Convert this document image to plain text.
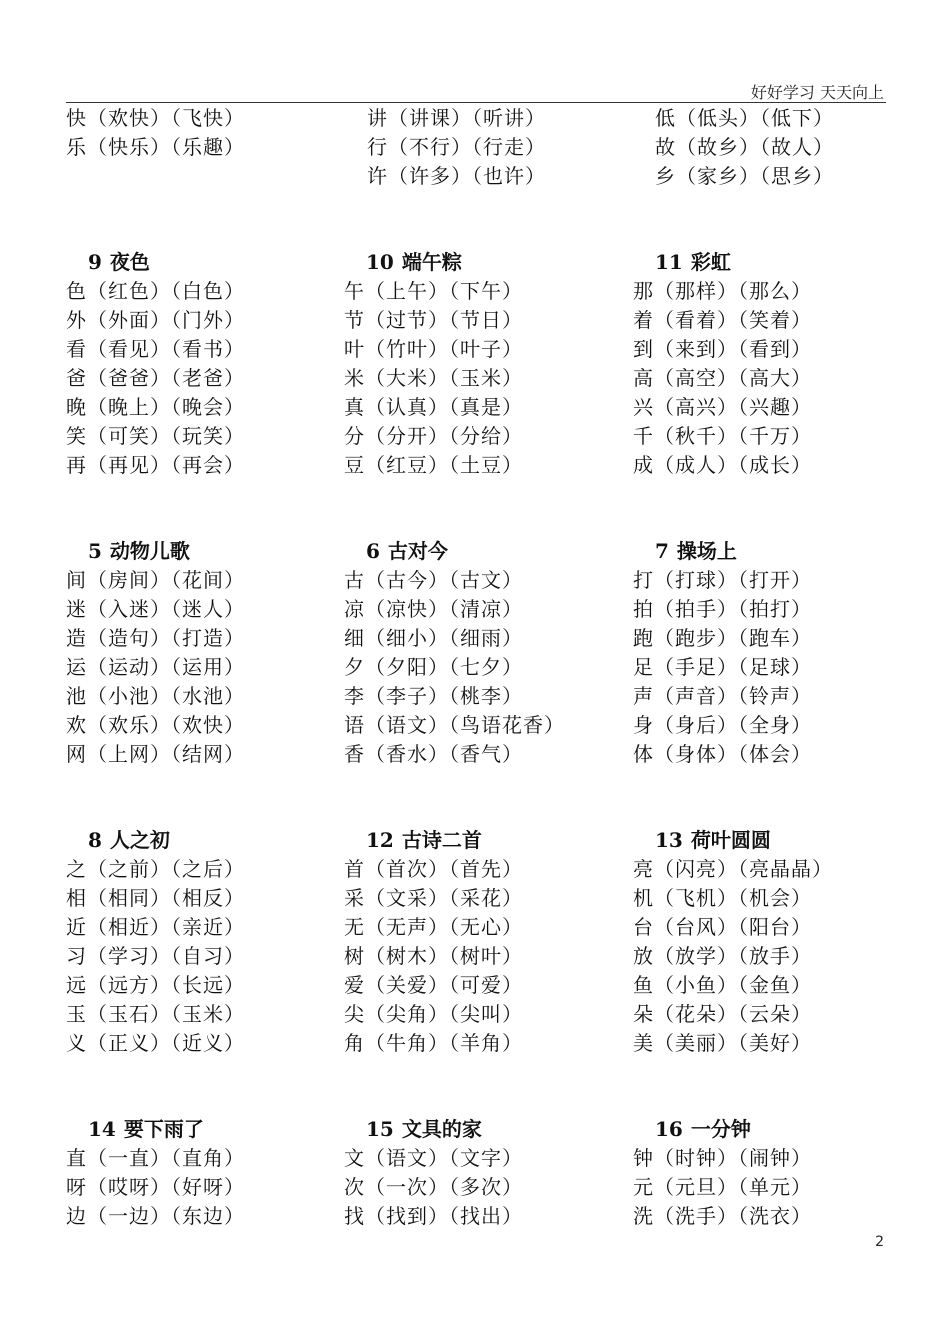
好好学习 天天向上
快（欢快）（飞快）
乐（快乐）（乐趣）
讲（讲课）（听讲）
行（不行）（行走）
许（许多）（也许）
低（低头）（低下）
故（故乡）（故人）
乡（家乡）（思乡）
9 夜色
色（红色）（白色）
外（外面）（门外）
看（看见）（看书）
爸（爸爸）（老爸）
晚（晚上）（晚会）
笑（可笑）（玩笑）
再（再见）（再会）
10 端午粽
午（上午）（下午）
节（过节）（节日）
叶（竹叶）（叶子）
米（大米）（玉米）
真（认真）（真是）
分（分开）（分给）
豆（红豆）（土豆）
11 彩虹
那（那样）（那么）
着（看着）（笑着）
到（来到）（看到）
高（高空）（高大）
兴（高兴）（兴趣）
千（秋千）（千万）
成（成人）（成长）
5 动物儿歌
间（房间）（花间）
迷（入迷）（迷人）
造（造句）（打造）
运（运动）（运用）
池（小池）（水池）
欢（欢乐）（欢快）
网（上网）（结网）
6 古对今
古（古今）（古文）
凉（凉快）（清凉）
细（细小）（细雨）
夕（夕阳）（七夕）
李（李子）（桃李）
语（语文）（鸟语花香）
香（香水）（香气）
7 操场上
打（打球）（打开）
拍（拍手）（拍打）
跑（跑步）（跑车）
足（手足）（足球）
声（声音）（铃声）
身（身后）（全身）
体（身体）（体会）
8 人之初
之（之前）（之后）
相（相同）（相反）
近（相近）（亲近）
习（学习）（自习）
远（远方）（长远）
玉（玉石）（玉米）
义（正义）（近义）
12 古诗二首
首（首次）（首先）
采（文采）（采花）
无（无声）（无心）
树（树木）（树叶）
爱（关爱）（可爱）
尖（尖角）（尖叫）
角（牛角）（羊角）
13 荷叶圆圆
亮（闪亮）（亮晶晶）
机（飞机）（机会）
台（台风）（阳台）
放（放学）（放手）
鱼（小鱼）（金鱼）
朵（花朵）（云朵）
美（美丽）（美好）
14 要下雨了
直（一直）（直角）
呀（哎呀）（好呀）
边（一边）（东边）
15 文具的家
文（语文）（文字）
次（一次）（多次）
找（找到）（找出）
16 一分钟
钟（时钟）（闹钟）
元（元旦）（单元）
洗（洗手）（洗衣）
2
